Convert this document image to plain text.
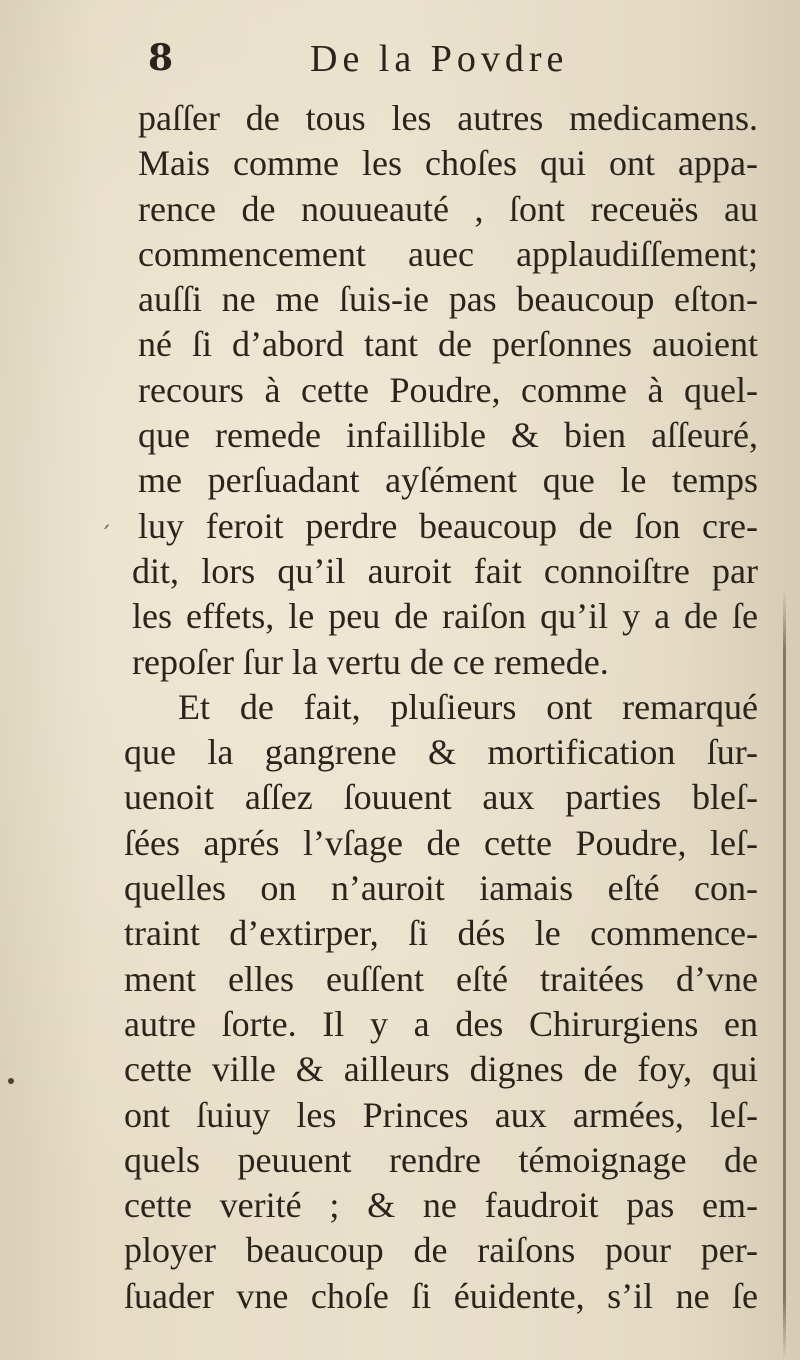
8	De la Povdre
paſſer de tous les autres medicamens.
Mais comme les choſes qui ont appa-
rence de nouueauté , ſont receuës au
commencement auec applaudiſſement;
auſſi ne me ſuis-ie pas beaucoup eſton-
né ſi d’abord tant de perſonnes auoient
recours à cette Poudre, comme à quel-
que remede infaillible & bien aſſeuré,
me perſuadant ayſément que le temps
luy feroit perdre beaucoup de ſon cre-
dit, lors qu’il auroit fait connoiſtre par
les effets, le peu de raiſon qu’il y a de ſe
repoſer ſur la vertu de ce remede.
Et de fait, pluſieurs ont remarqué
que la gangrene & mortification ſur-
uenoit aſſez ſouuent aux parties bleſ-
ſées aprés l’vſage de cette Poudre, leſ-
quelles on n’auroit iamais eſté con-
traint d’extirper, ſi dés le commence-
ment elles euſſent eſté traitées d’vne
autre ſorte. Il y a des Chirurgiens en
cette ville & ailleurs dignes de foy, qui
ont ſuiuy les Princes aux armées, leſ-
quels peuuent rendre témoignage de
cette verité ; & ne faudroit pas em-
ployer beaucoup de raiſons pour per-
ſuader vne choſe ſi éuidente, s’il ne ſe
ˊ
